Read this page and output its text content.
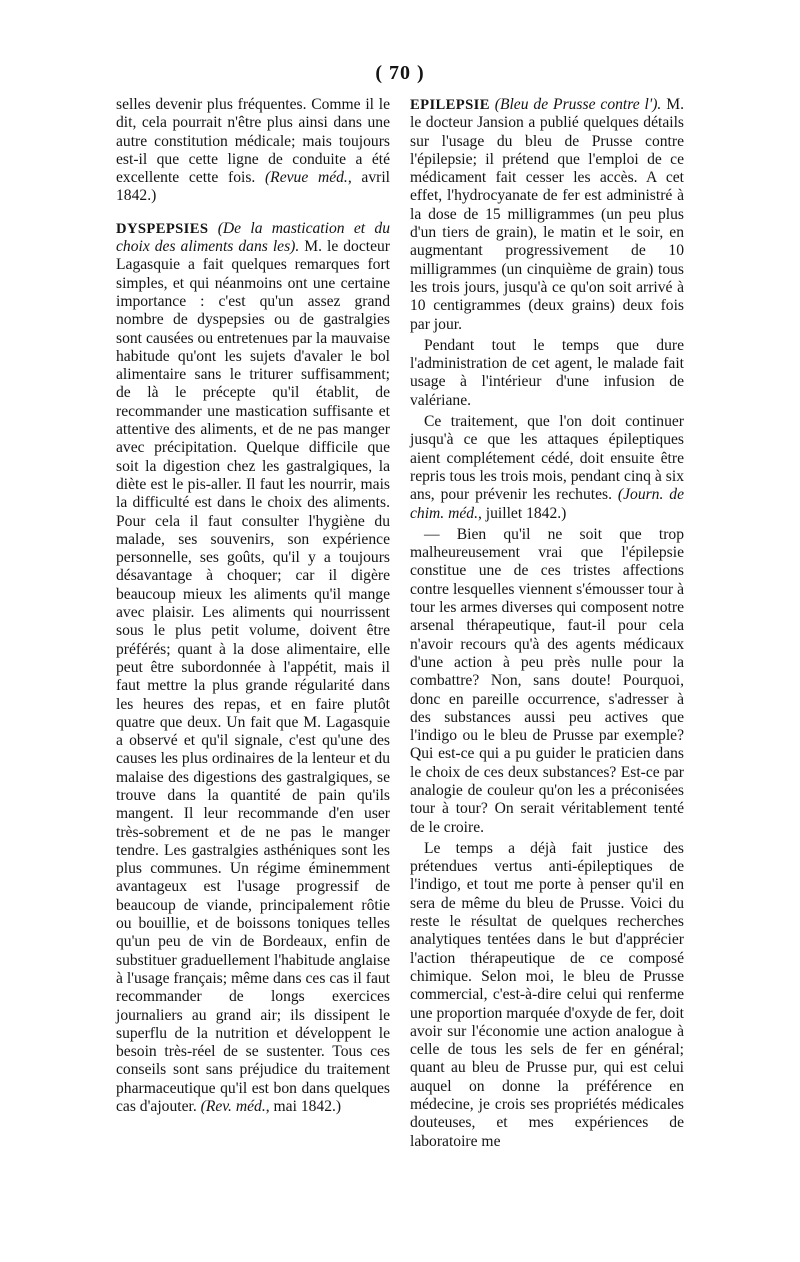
( 70 )

selles devenir plus fréquentes. Comme il le dit, cela pourrait n'être plus ainsi dans une autre constitution médicale; mais toujours est-il que cette ligne de conduite a été excellente cette fois. (Revue méd., avril 1842.)

DYSPEPSIES (De la mastication et du choix des aliments dans les). M. le docteur Lagasquie a fait quelques remarques fort simples, et qui néanmoins ont une certaine importance : c'est qu'un assez grand nombre de dyspepsies ou de gastralgies sont causées ou entretenues par la mauvaise habitude qu'ont les sujets d'avaler le bol alimentaire sans le triturer suffisamment; de là le précepte qu'il établit, de recommander une mastication suffisante et attentive des aliments, et de ne pas manger avec précipitation. Quelque difficile que soit la digestion chez les gastralgiques, la diète est le pis-aller. Il faut les nourrir, mais la difficulté est dans le choix des aliments. Pour cela il faut consulter l'hygiène du malade, ses souvenirs, son expérience personnelle, ses goûts, qu'il y a toujours désavantage à choquer; car il digère beaucoup mieux les aliments qu'il mange avec plaisir. Les aliments qui nourrissent sous le plus petit volume, doivent être préférés; quant à la dose alimentaire, elle peut être subordonnée à l'appétit, mais il faut mettre la plus grande régularité dans les heures des repas, et en faire plutôt quatre que deux. Un fait que M. Lagasquie a observé et qu'il signale, c'est qu'une des causes les plus ordinaires de la lenteur et du malaise des digestions des gastralgiques, se trouve dans la quantité de pain qu'ils mangent. Il leur recommande d'en user très-sobrement et de ne pas le manger tendre. Les gastralgies asthéniques sont les plus communes. Un régime éminemment avantageux est l'usage progressif de beaucoup de viande, principalement rôtie ou bouillie, et de boissons toniques telles qu'un peu de vin de Bordeaux, enfin de substituer graduellement l'habitude anglaise à l'usage français; même dans ces cas il faut recommander de longs exercices journaliers au grand air; ils dissipent le superflu de la nutrition et développent le besoin très-réel de se sustenter. Tous ces conseils sont sans préjudice du traitement pharmaceutique qu'il est bon dans quelques cas d'ajouter. (Rev. méd., mai 1842.)

EPILEPSIE (Bleu de Prusse contre l'). M. le docteur Jansion a publié quelques détails sur l'usage du bleu de Prusse contre l'épilepsie; il prétend que l'emploi de ce médicament fait cesser les accès. A cet effet, l'hydrocyanate de fer est administré à la dose de 15 milligrammes (un peu plus d'un tiers de grain), le matin et le soir, en augmentant progressivement de 10 milligrammes (un cinquième de grain) tous les trois jours, jusqu'à ce qu'on soit arrivé à 10 centigrammes (deux grains) deux fois par jour.

Pendant tout le temps que dure l'administration de cet agent, le malade fait usage à l'intérieur d'une infusion de valériane.

Ce traitement, que l'on doit continuer jusqu'à ce que les attaques épileptiques aient complétement cédé, doit ensuite être repris tous les trois mois, pendant cinq à six ans, pour prévenir les rechutes. (Journ. de chim. méd., juillet 1842.)

— Bien qu'il ne soit que trop malheureusement vrai que l'épilepsie constitue une de ces tristes affections contre lesquelles viennent s'émousser tour à tour les armes diverses qui composent notre arsenal thérapeutique, faut-il pour cela n'avoir recours qu'à des agents médicaux d'une action à peu près nulle pour la combattre? Non, sans doute! Pourquoi, donc en pareille occurrence, s'adresser à des substances aussi peu actives que l'indigo ou le bleu de Prusse par exemple? Qui est-ce qui a pu guider le praticien dans le choix de ces deux substances? Est-ce par analogie de couleur qu'on les a préconisées tour à tour? On serait véritablement tenté de le croire.

Le temps a déjà fait justice des prétendues vertus anti-épileptiques de l'indigo, et tout me porte à penser qu'il en sera de même du bleu de Prusse. Voici du reste le résultat de quelques recherches analytiques tentées dans le but d'apprécier l'action thérapeutique de ce composé chimique. Selon moi, le bleu de Prusse commercial, c'est-à-dire celui qui renferme une proportion marquée d'oxyde de fer, doit avoir sur l'économie une action analogue à celle de tous les sels de fer en général; quant au bleu de Prusse pur, qui est celui auquel on donne la préférence en médecine, je crois ses propriétés médicales douteuses, et mes expériences de laboratoire me
